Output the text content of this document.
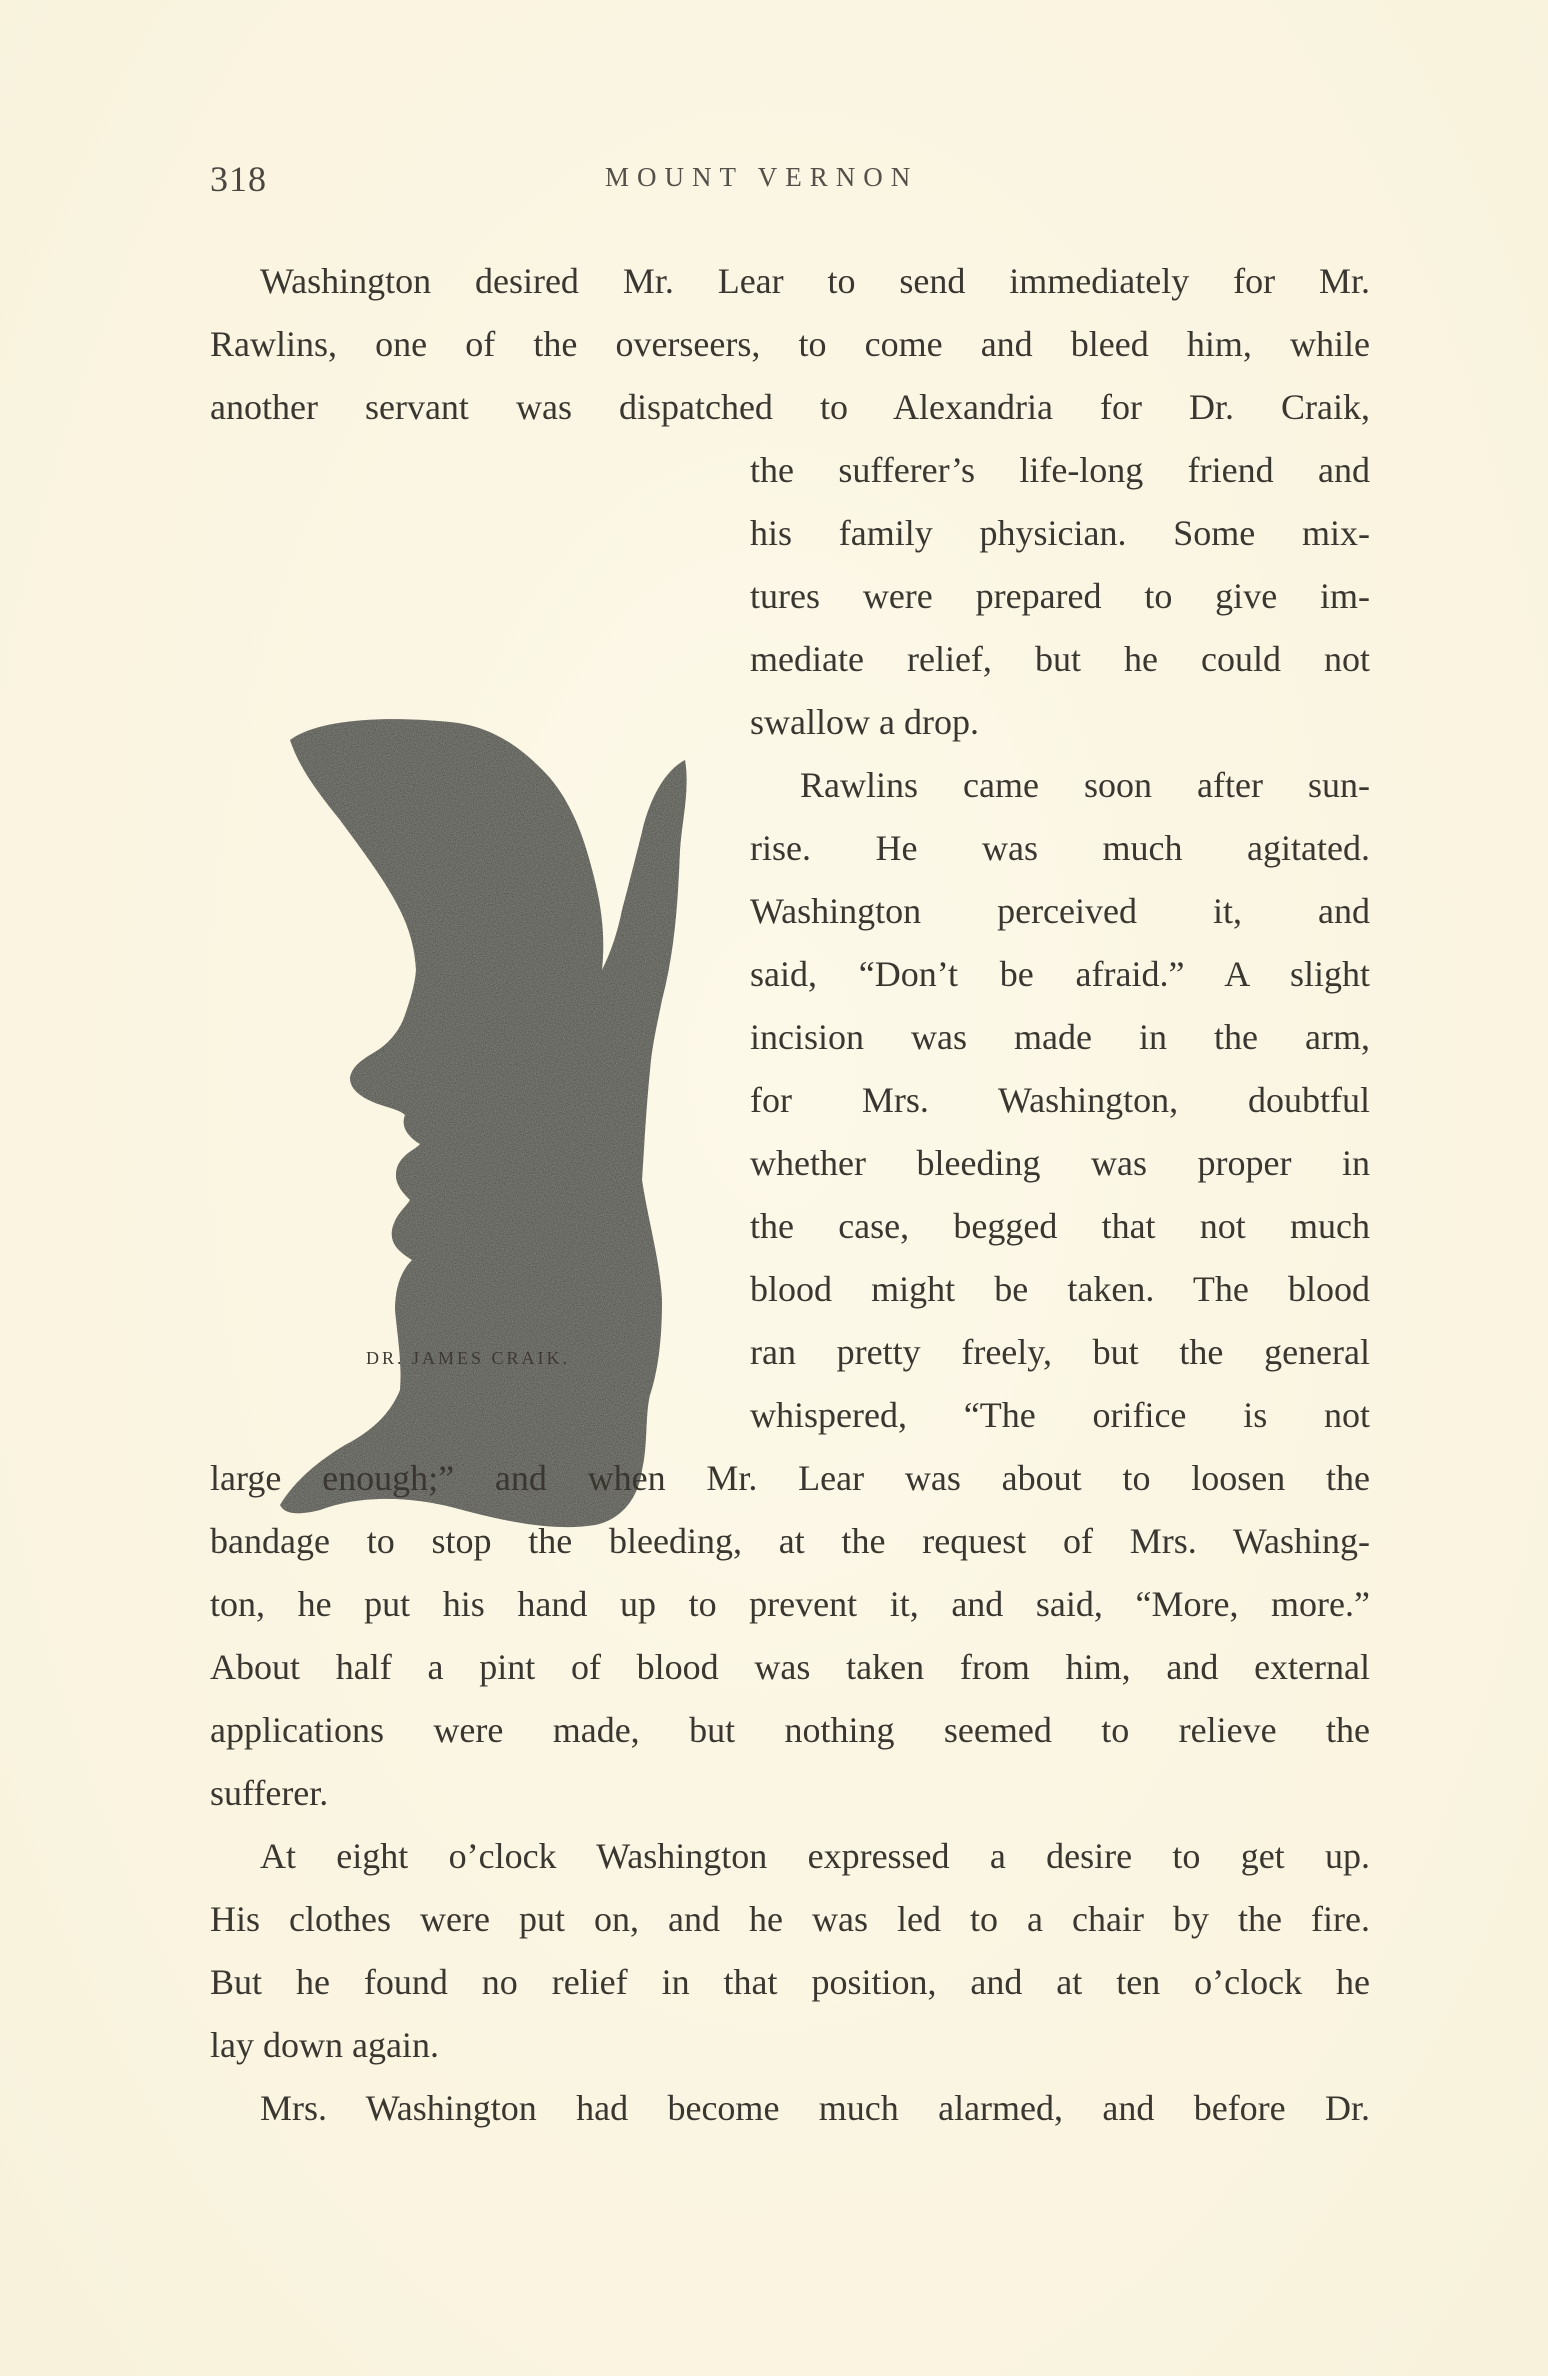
318	MOUNT VERNON
Washington desired Mr. Lear to send immediately for Mr.
Rawlins, one of the overseers, to come and bleed him, while
another servant was dispatched to Alexandria for Dr. Craik,
the sufferer’s life-long friend and
his family physician. Some mix-
tures were prepared to give im-
mediate relief, but he could not
swallow a drop.
Rawlins came soon after sun-
rise. He was much agitated.
Washington perceived it, and
said, “Don’t be afraid.” A slight
incision was made in the arm,
for Mrs. Washington, doubtful
whether bleeding was proper in
the case, begged that not much
blood might be taken. The blood
ran pretty freely, but the general
whispered, “The orifice is not
large enough;” and when Mr. Lear was about to loosen the
bandage to stop the bleeding, at the request of Mrs. Washing-
ton, he put his hand up to prevent it, and said, “More, more.”
About half a pint of blood was taken from him, and external
applications were made, but nothing seemed to relieve the
sufferer.
At eight o’clock Washington expressed a desire to get up.
His clothes were put on, and he was led to a chair by the fire.
But he found no relief in that position, and at ten o’clock he
lay down again.
Mrs. Washington had become much alarmed, and before Dr.
DR. JAMES CRAIK.
